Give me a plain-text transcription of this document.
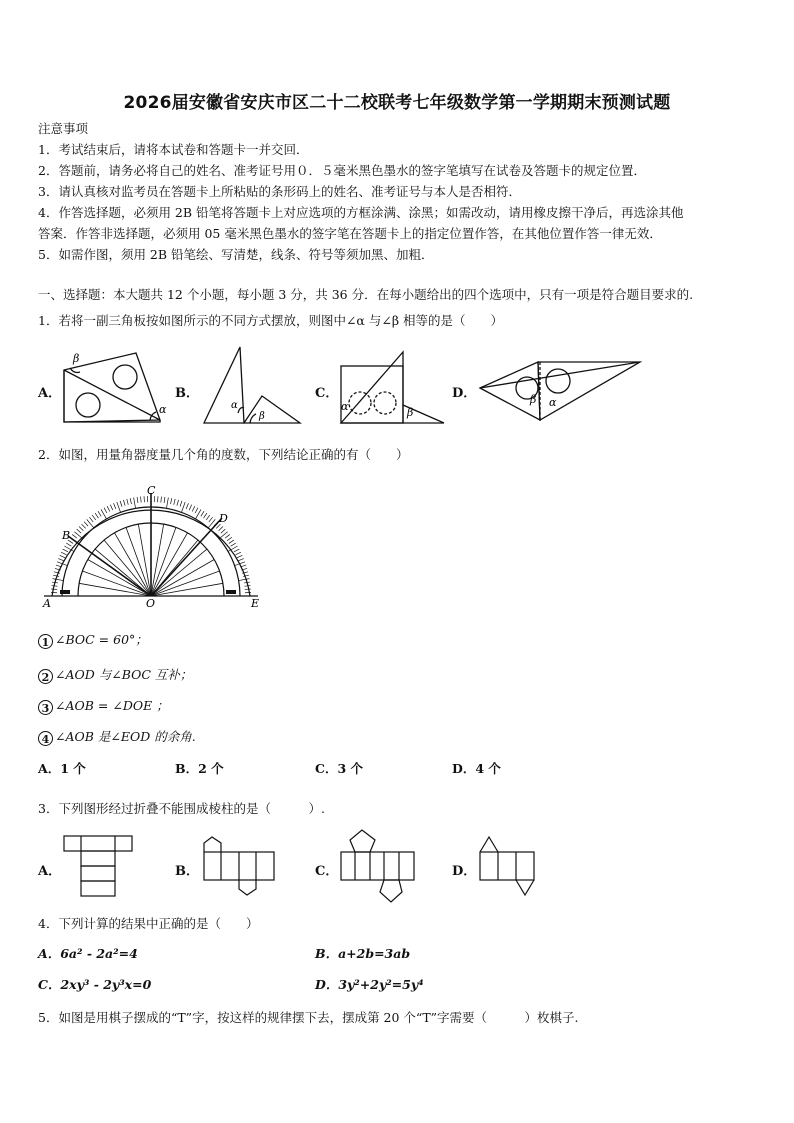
2026届安徽省安庆市区二十二校联考七年级数学第一学期期末预测试题
注意事项
1．考试结束后，请将本试卷和答题卡一并交回．
2．答题前，请务必将自己的姓名、准考证号用０．５毫米黑色墨水的签字笔填写在试卷及答题卡的规定位置．
3．请认真核对监考员在答题卡上所粘贴的条形码上的姓名、准考证号与本人是否相符．
4．作答选择题，必须用 2B 铅笔将答题卡上对应选项的方框涂满、涂黑；如需改动，请用橡皮擦干净后，再选涂其他
答案．作答非选择题，必须用 05 毫米黑色墨水的签字笔在答题卡上的指定位置作答，在其他位置作答一律无效．
5．如需作图，须用 2B 铅笔绘、写清楚，线条、符号等须加黑、加粗．
一、选择题：本大题共 12 个小题，每小题 3 分，共 36 分．在每小题给出的四个选项中，只有一项是符合题目要求的.
1．若将一副三角板按如图所示的不同方式摆放，则图中∠α 与∠β 相等的是（　　）
A．	B．	C．	D．
β
α	α
β
α	β
β α
2．如图，用量角器度量几个角的度数，下列结论正确的有（　　）
C
D
B
A	O	E
1 ∠BOC = 60°；
2 ∠AOD 与∠BOC 互补；
3 ∠AOB = ∠DOE ；
4 ∠AOB 是∠EOD 的余角.
A．1 个	B．2 个	C．3 个	D．4 个
3．下列图形经过折叠不能围成棱柱的是（　　　）.
A．	B．	C．	D．
4．下列计算的结果中正确的是（　　）
A．6a² - 2a²=4	B．a+2b=3ab
C．2xy³ - 2y³x=0	D．3y²+2y²=5y⁴
5．如图是用棋子摆成的“T”字，按这样的规律摆下去，摆成第 20 个“T”字需要（　　　）枚棋子.
